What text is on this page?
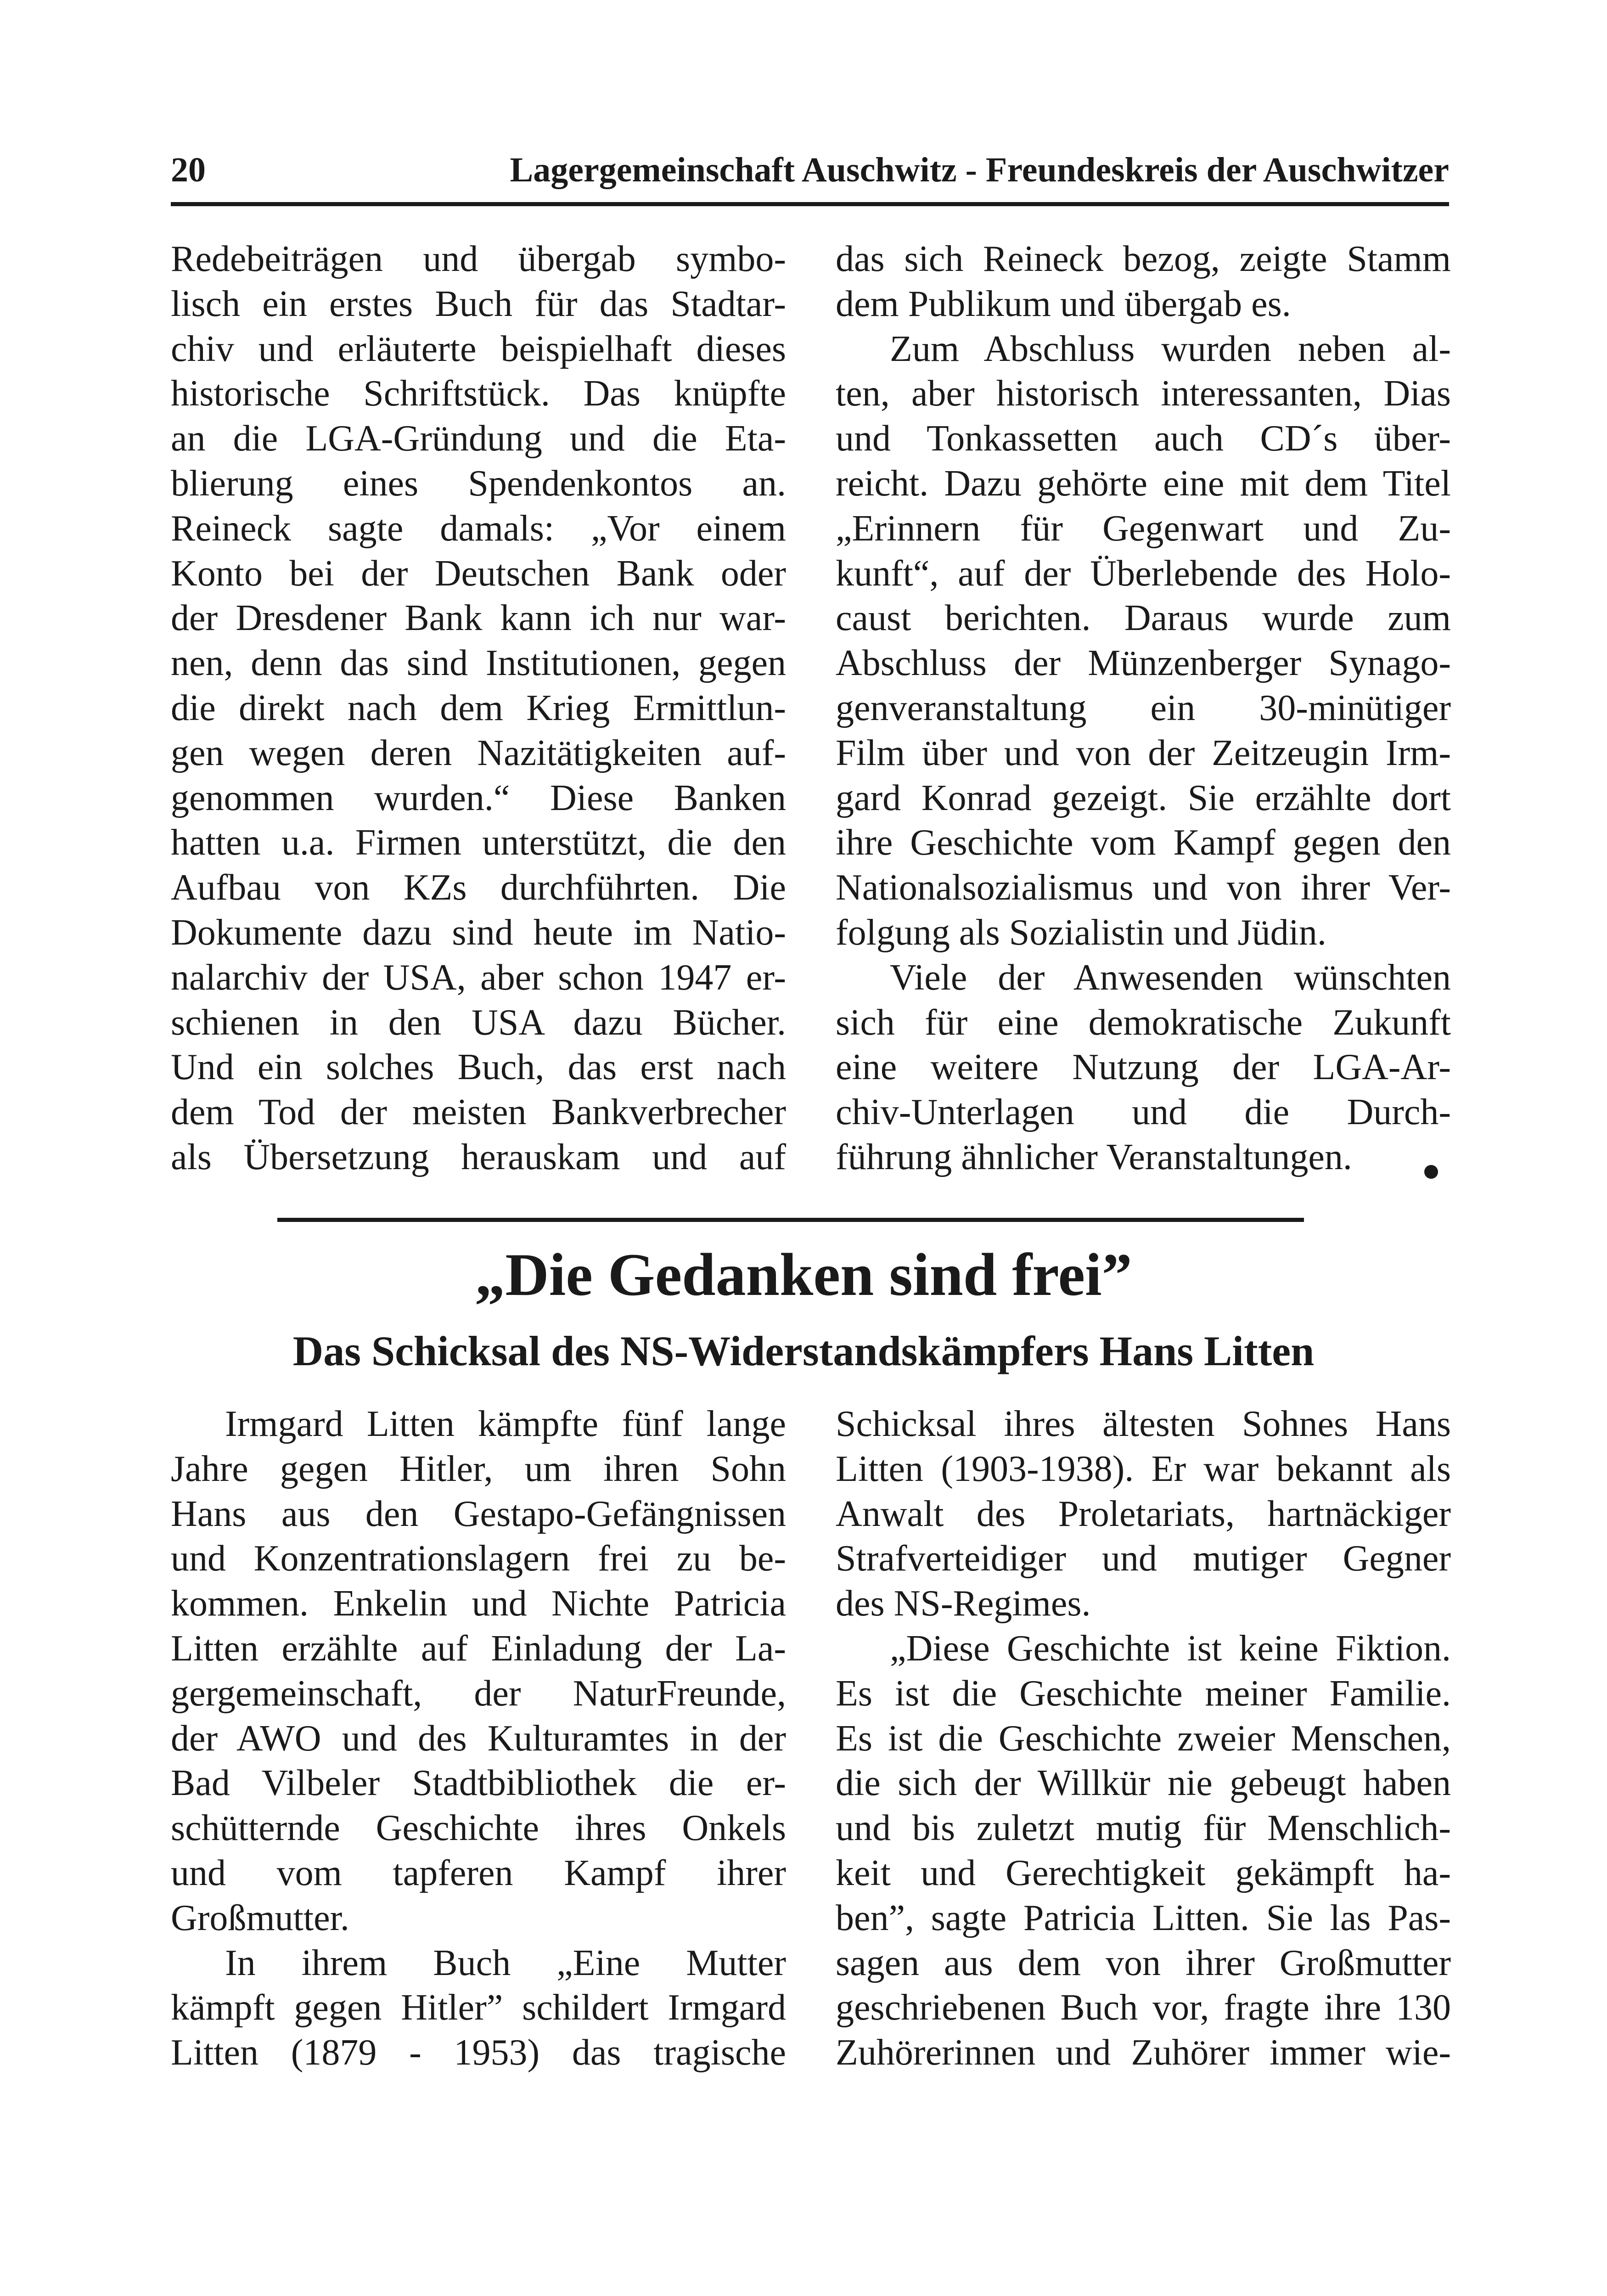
20	Lagergemeinschaft Auschwitz - Freundeskreis der Auschwitzer
Redebeiträgen und übergab symbo-
lisch ein erstes Buch für das Stadtar-
chiv und erläuterte beispielhaft dieses
historische Schriftstück. Das knüpfte
an die LGA-Gründung und die Eta-
blierung eines Spendenkontos an.
Reineck sagte damals: „Vor einem
Konto bei der Deutschen Bank oder
der Dresdener Bank kann ich nur war-
nen, denn das sind Institutionen, gegen
die direkt nach dem Krieg Ermittlun-
gen wegen deren Nazitätigkeiten auf-
genommen wurden.“ Diese Banken
hatten u.a. Firmen unterstützt, die den
Aufbau von KZs durchführten. Die
Dokumente dazu sind heute im Natio-
nalarchiv der USA, aber schon 1947 er-
schienen in den USA dazu Bücher.
Und ein solches Buch, das erst nach
dem Tod der meisten Bankverbrecher
als Übersetzung herauskam und auf
das sich Reineck bezog, zeigte Stamm
dem Publikum und übergab es.
Zum Abschluss wurden neben al-
ten, aber historisch interessanten, Dias
und Tonkassetten auch CD´s über-
reicht. Dazu gehörte eine mit dem Titel
„Erinnern für Gegenwart und Zu-
kunft“, auf der Überlebende des Holo-
caust berichten. Daraus wurde zum
Abschluss der Münzenberger Synago-
genveranstaltung ein 30-minütiger
Film über und von der Zeitzeugin Irm-
gard Konrad gezeigt. Sie erzählte dort
ihre Geschichte vom Kampf gegen den
Nationalsozialismus und von ihrer Ver-
folgung als Sozialistin und Jüdin.
Viele der Anwesenden wünschten
sich für eine demokratische Zukunft
eine weitere Nutzung der LGA-Ar-
chiv-Unterlagen und die Durch-
führung ähnlicher Veranstaltungen.
„Die Gedanken sind frei”
Das Schicksal des NS-Widerstandskämpfers Hans Litten
Irmgard Litten kämpfte fünf lange
Jahre gegen Hitler, um ihren Sohn
Hans aus den Gestapo-Gefängnissen
und Konzentrationslagern frei zu be-
kommen. Enkelin und Nichte Patricia
Litten erzählte auf Einladung der La-
gergemeinschaft, der NaturFreunde,
der AWO und des Kulturamtes in der
Bad Vilbeler Stadtbibliothek die er-
schütternde Geschichte ihres Onkels
und vom tapferen Kampf ihrer
Großmutter.
In ihrem Buch „Eine Mutter
kämpft gegen Hitler” schildert Irmgard
Litten (1879 - 1953) das tragische
Schicksal ihres ältesten Sohnes Hans
Litten (1903-1938). Er war bekannt als
Anwalt des Proletariats, hartnäckiger
Strafverteidiger und mutiger Gegner
des NS-Regimes.
„Diese Geschichte ist keine Fiktion.
Es ist die Geschichte meiner Familie.
Es ist die Geschichte zweier Menschen,
die sich der Willkür nie gebeugt haben
und bis zuletzt mutig für Menschlich-
keit und Gerechtigkeit gekämpft ha-
ben”, sagte Patricia Litten. Sie las Pas-
sagen aus dem von ihrer Großmutter
geschriebenen Buch vor, fragte ihre 130
Zuhörerinnen und Zuhörer immer wie-
